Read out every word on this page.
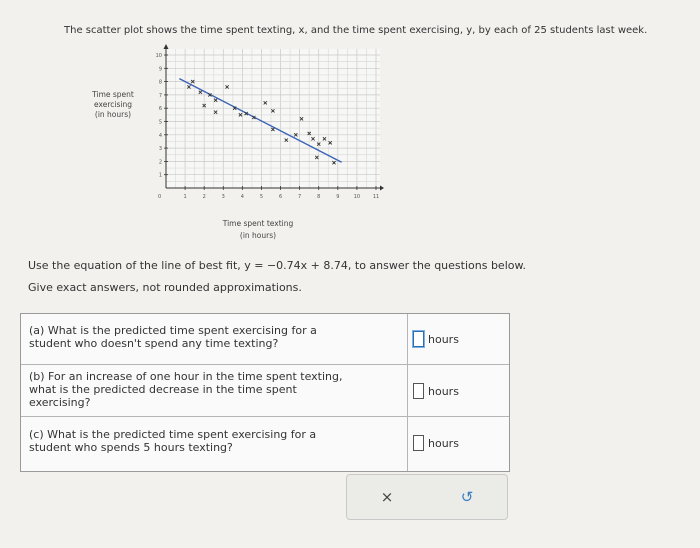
The scatter plot shows the time spent texting, x, and the time spent exercising, y, by each of 25 students last week.
Time spent
exercising
(in hours)
1	2	3	4	5	6	7	8	9	10	11
1
2
3
4
5
6
7
8
9
10
0
Time spent texting
(in hours)
Use the equation of the line of best fit, y = −0.74x + 8.74, to answer the questions below.
Give exact answers, not rounded approximations.
(a) What is the predicted time spent exercising for a
student who doesn't spend any time texting?	hours
(b) For an increase of one hour in the time spent texting,
what is the predicted decrease in the time spent
exercising?
hours
(c) What is the predicted time spent exercising for a
student who spends 5 hours texting?	hours
×	↺
